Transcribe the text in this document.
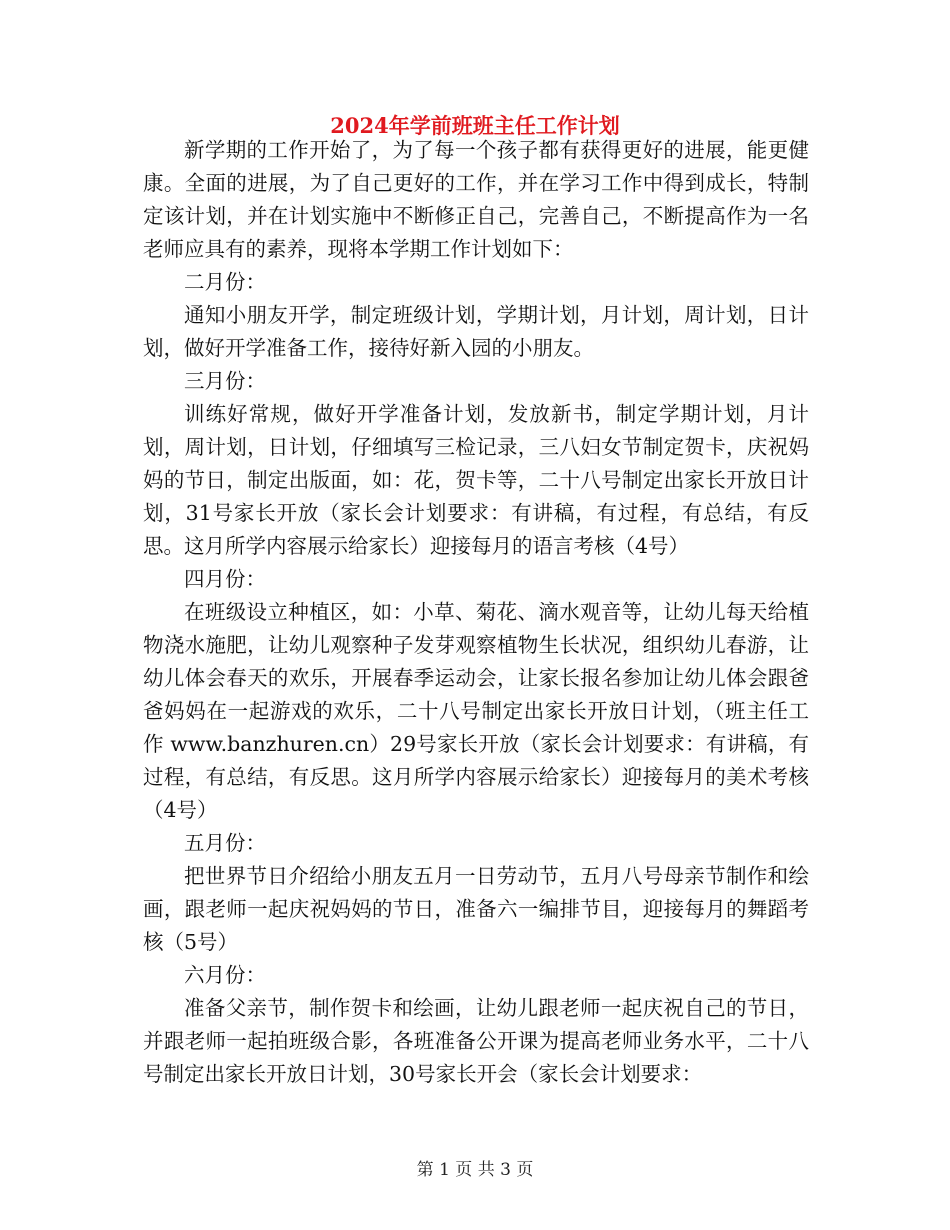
2024年学前班班主任工作计划

新学期的工作开始了，为了每一个孩子都有获得更好的进展，能更健康。全面的进展，为了自己更好的工作，并在学习工作中得到成长，特制定该计划，并在计划实施中不断修正自己，完善自己，不断提高作为一名老师应具有的素养，现将本学期工作计划如下：

二月份：

通知小朋友开学，制定班级计划，学期计划，月计划，周计划，日计划，做好开学准备工作，接待好新入园的小朋友。

三月份：

训练好常规，做好开学准备计划，发放新书，制定学期计划，月计划，周计划，日计划，仔细填写三检记录，三八妇女节制定贺卡，庆祝妈妈的节日，制定出版面，如：花，贺卡等，二十八号制定出家长开放日计划，31号家长开放（家长会计划要求：有讲稿，有过程，有总结，有反思。这月所学内容展示给家长）迎接每月的语言考核（4号）

四月份：

在班级设立种植区，如：小草、菊花、滴水观音等，让幼儿每天给植物浇水施肥，让幼儿观察种子发芽观察植物生长状况，组织幼儿春游，让幼儿体会春天的欢乐，开展春季运动会，让家长报名参加让幼儿体会跟爸爸妈妈在一起游戏的欢乐，二十八号制定出家长开放日计划，（班主任工作 www.banzhuren.cn）29号家长开放（家长会计划要求：有讲稿，有过程，有总结，有反思。这月所学内容展示给家长）迎接每月的美术考核（4号）

五月份：

把世界节日介绍给小朋友五月一日劳动节，五月八号母亲节制作和绘画，跟老师一起庆祝妈妈的节日，准备六一编排节目，迎接每月的舞蹈考核（5号）

六月份：

准备父亲节，制作贺卡和绘画，让幼儿跟老师一起庆祝自己的节日，并跟老师一起拍班级合影，各班准备公开课为提高老师业务水平，二十八号制定出家长开放日计划，30号家长开会（家长会计划要求：

第 1 页 共 3 页
